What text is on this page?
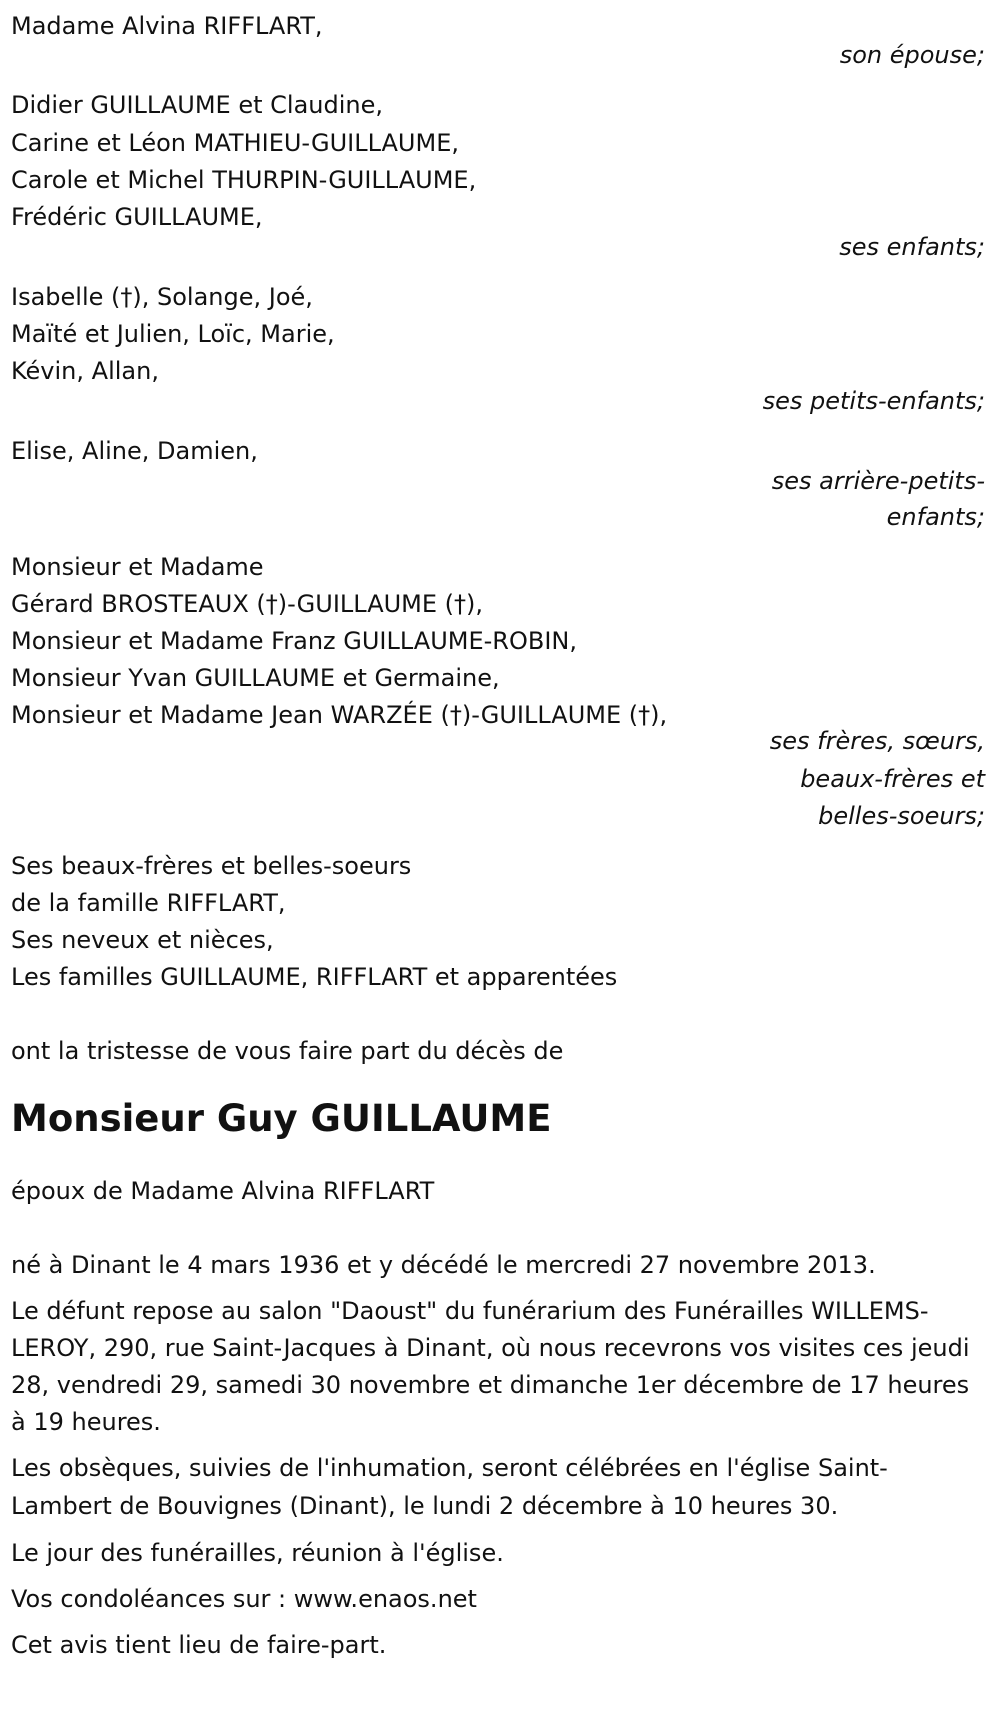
Madame Alvina RIFFLART,
son épouse;
Didier GUILLAUME et Claudine,
Carine et Léon MATHIEU-GUILLAUME,
Carole et Michel THURPIN-GUILLAUME,
Frédéric GUILLAUME,
ses enfants;
Isabelle (†), Solange, Joé,
Maïté et Julien, Loïc, Marie,
Kévin, Allan,
ses petits-enfants;
Elise, Aline, Damien,
ses arrière-petits-
enfants;
Monsieur et Madame
Gérard BROSTEAUX (†)-GUILLAUME (†),
Monsieur et Madame Franz GUILLAUME-ROBIN,
Monsieur Yvan GUILLAUME et Germaine,
Monsieur et Madame Jean WARZÉE (†)-GUILLAUME (†),
ses frères, sœurs,
beaux-frères et
belles-soeurs;
Ses beaux-frères et belles-soeurs
de la famille RIFFLART,
Ses neveux et nièces,
Les familles GUILLAUME, RIFFLART et apparentées
ont la tristesse de vous faire part du décès de
Monsieur Guy GUILLAUME
époux de Madame Alvina RIFFLART

né à Dinant le 4 mars 1936 et y décédé le mercredi 27 novembre 2013.

Le défunt repose au salon "Daoust" du funérarium des Funérailles WILLEMS-LEROY, 290, rue Saint-Jacques à Dinant, où nous recevrons vos visites ces jeudi 28, vendredi 29, samedi 30 novembre et dimanche 1er décembre de 17 heures à 19 heures.

Les obsèques, suivies de l'inhumation, seront célébrées en l'église Saint-Lambert de Bouvignes (Dinant), le lundi 2 décembre à 10 heures 30.

Le jour des funérailles, réunion à l'église.

Vos condoléances sur : www.enaos.net

Cet avis tient lieu de faire-part.
